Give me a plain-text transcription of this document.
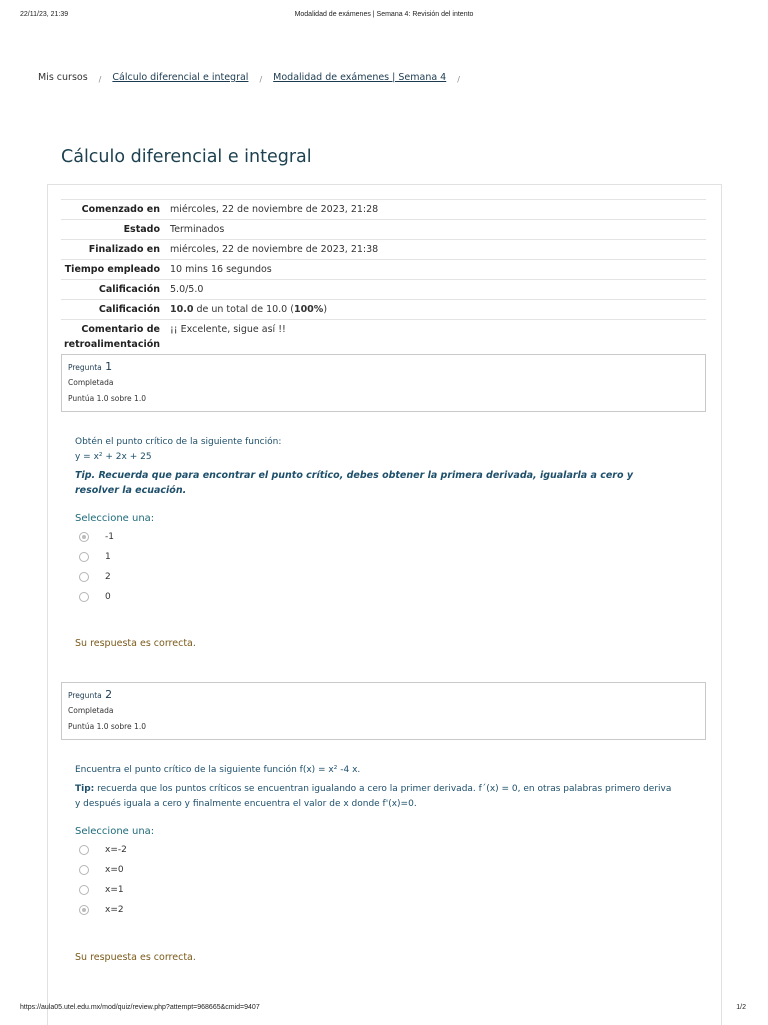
22/11/23, 21:39	Modalidad de exámenes | Semana 4: Revisión del intento
Mis cursos / Cálculo diferencial e integral / Modalidad de exámenes | Semana 4 /
Cálculo diferencial e integral
Comenzado en	miércoles, 22 de noviembre de 2023, 21:28
Estado	Terminados
Finalizado en	miércoles, 22 de noviembre de 2023, 21:38
Tiempo empleado	10 mins 16 segundos
Calificación	5.0/5.0
Calificación	10.0 de un total de 10.0 (100%)
Comentario de retroalimentación	¡¡ Excelente, sigue así !!
Pregunta 1
Completada
Puntúa 1.0 sobre 1.0
Obtén el punto crítico de la siguiente función:
y = x² + 2x + 25
Tip. Recuerda que para encontrar el punto crítico, debes obtener la primera derivada, igualarla a cero y resolver la ecuación.
Seleccione una:
-1
1
2
0
Su respuesta es correcta.
Pregunta 2
Completada
Puntúa 1.0 sobre 1.0
Encuentra el punto crítico de la siguiente función f(x) = x² -4 x.
Tip: recuerda que los puntos críticos se encuentran igualando a cero la primer derivada. f´(x) = 0, en otras palabras primero deriva y después iguala a cero y finalmente encuentra el valor de x donde f'(x)=0.
Seleccione una:
x=-2
x=0
x=1
x=2
Su respuesta es correcta.
https://aula05.utel.edu.mx/mod/quiz/review.php?attempt=968665&cmid=9407	1/2
